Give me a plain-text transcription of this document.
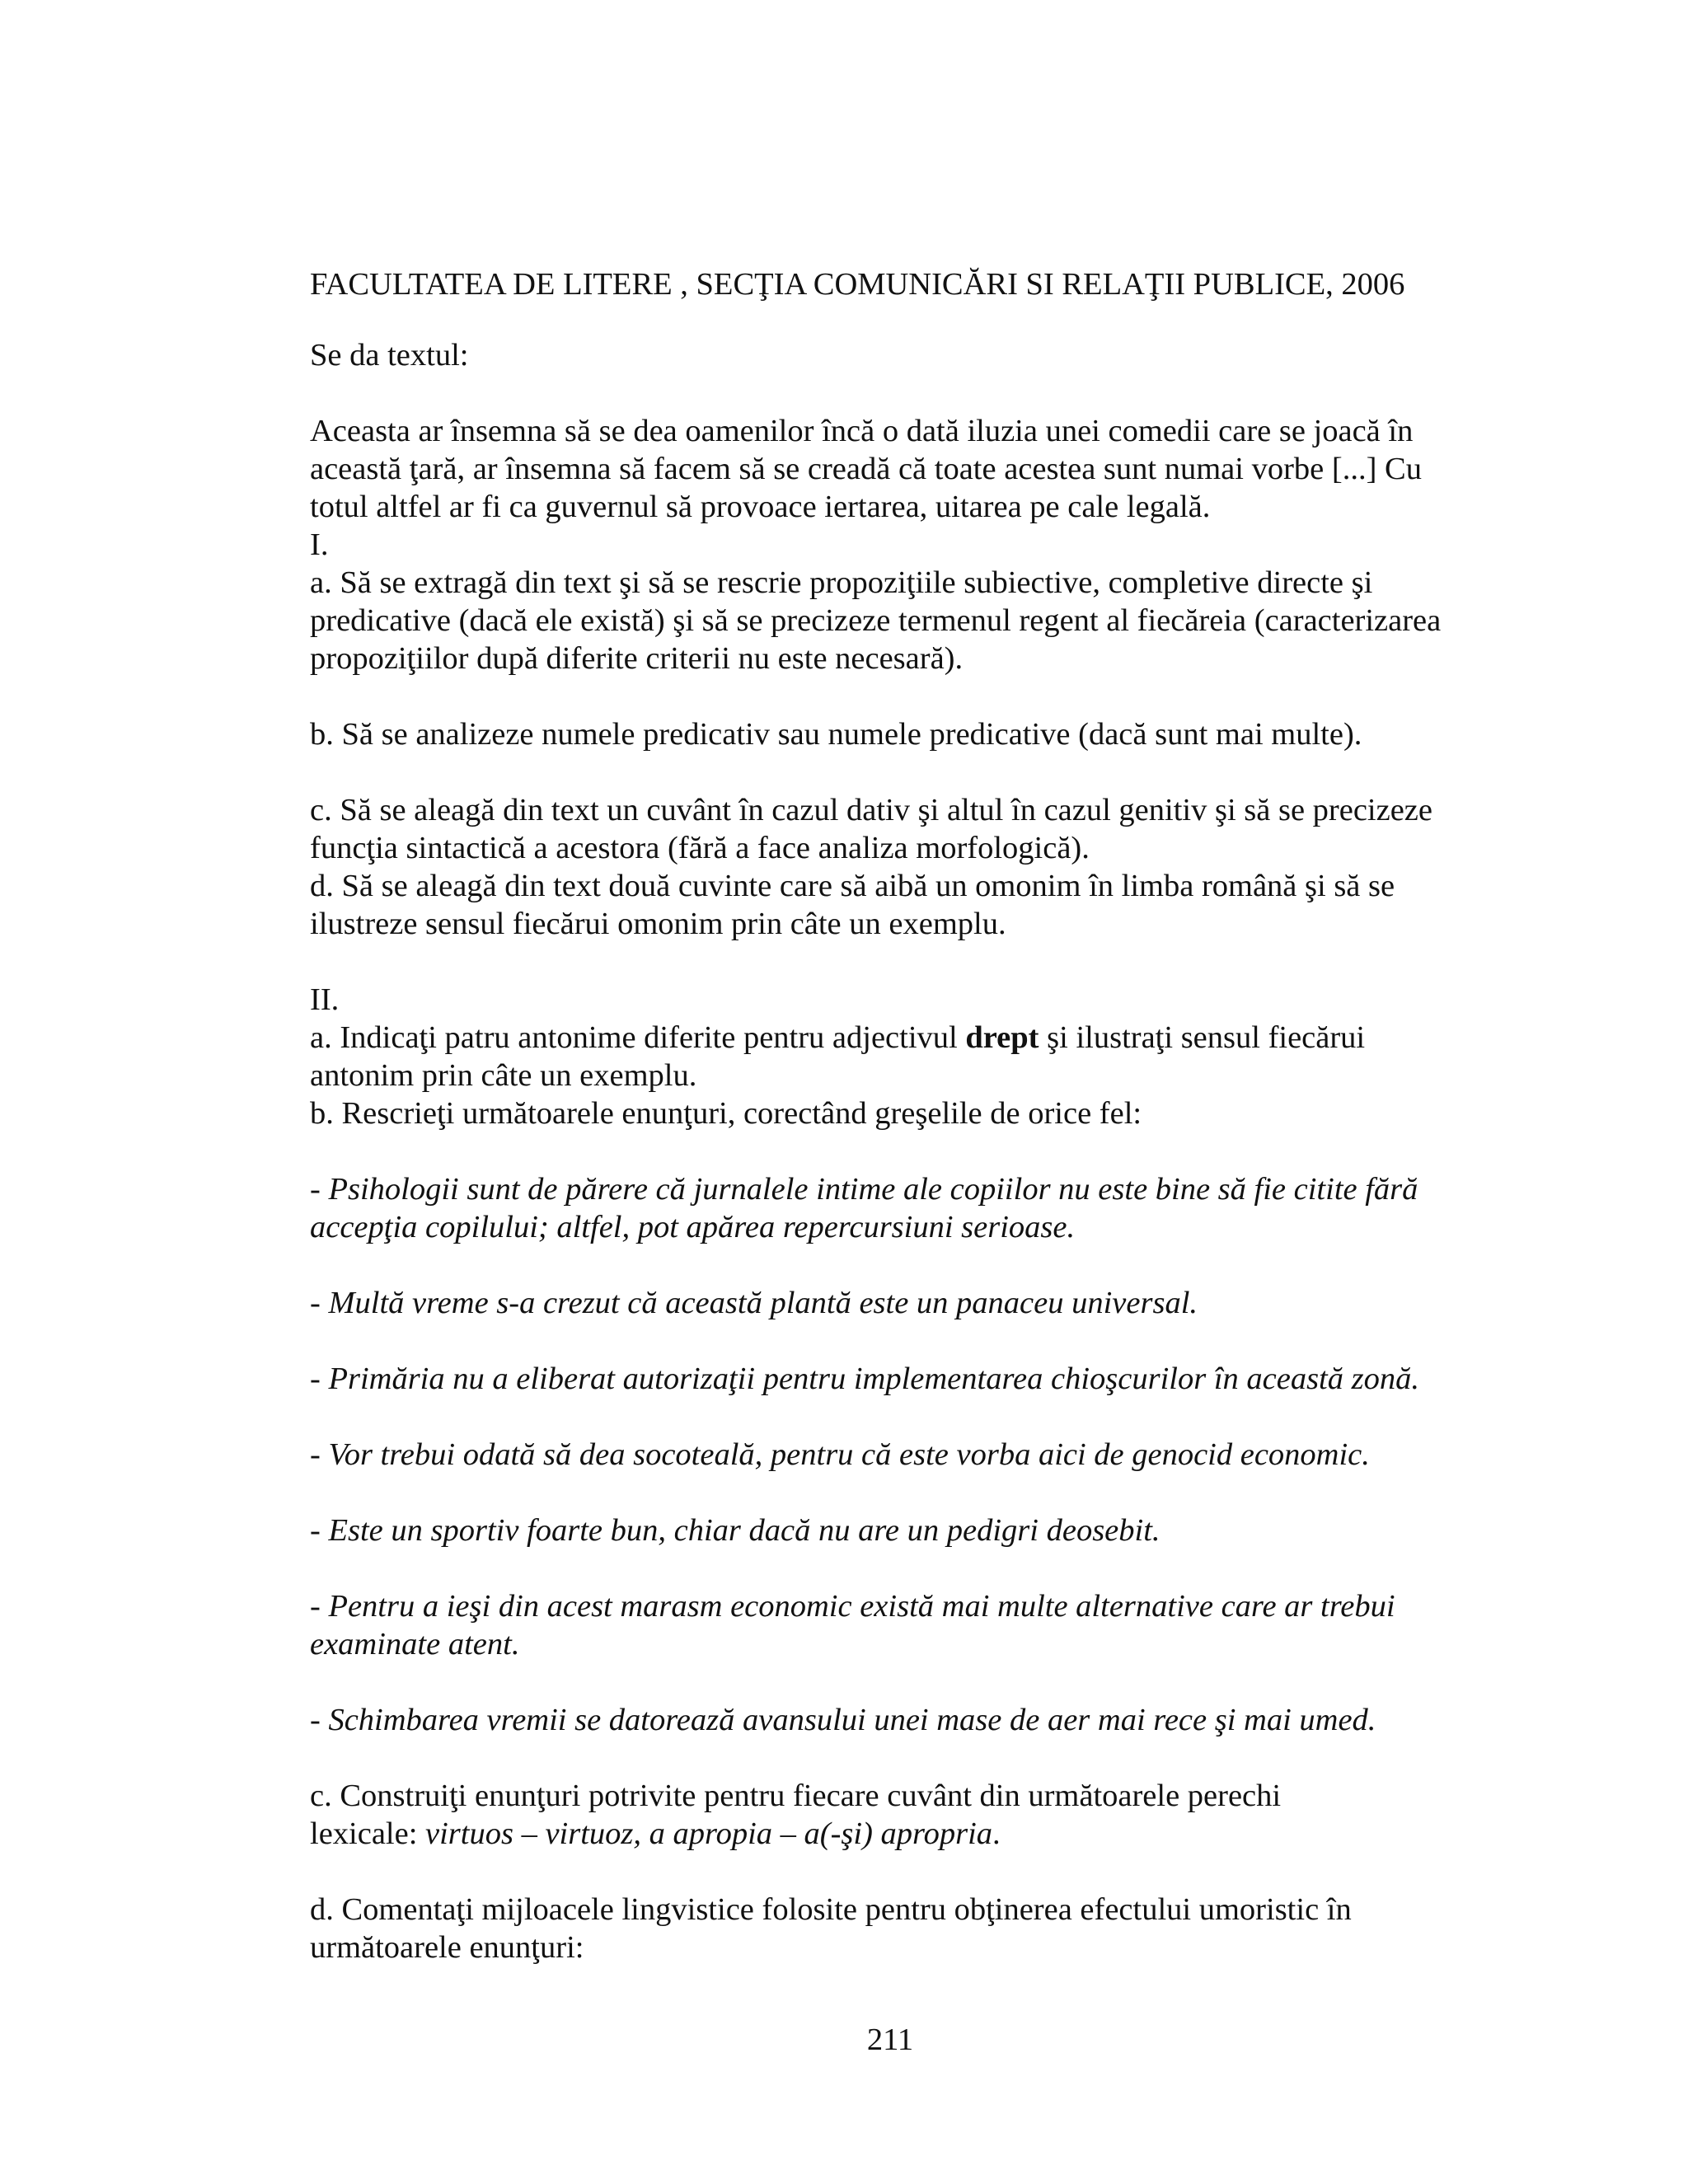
FACULTATEA DE LITERE , SECŢIA COMUNICĂRI SI RELAŢII PUBLICE, 2006
Se da textul:
Aceasta ar însemna să se dea oamenilor încă o dată iluzia unei comedii care se joacă în
această ţară, ar însemna să facem să se creadă că toate acestea sunt numai vorbe [...] Cu
totul altfel ar fi ca guvernul să provoace iertarea, uitarea pe cale legală.
I.
a. Să se extragă din text şi să se rescrie propoziţiile subiective, completive directe şi
predicative (dacă ele există) şi să se precizeze termenul regent al fiecăreia (caracterizarea
propoziţiilor după diferite criterii nu este necesară).
b. Să se analizeze numele predicativ sau numele predicative (dacă sunt mai multe).
c. Să se aleagă din text un cuvânt în cazul dativ şi altul în cazul genitiv şi să se precizeze
funcţia sintactică a acestora (fără a face analiza morfologică).
d. Să se aleagă din text două cuvinte care să aibă un omonim în limba română şi să se
ilustreze sensul fiecărui omonim prin câte un exemplu.
II.
a. Indicaţi patru antonime diferite pentru adjectivul drept şi ilustraţi sensul fiecărui
antonim prin câte un exemplu.
b. Rescrieţi următoarele enunţuri, corectând greşelile de orice fel:
- Psihologii sunt de părere că jurnalele intime ale copiilor nu este bine să fie citite fără
accepţia copilului; altfel, pot apărea repercursiuni serioase.
- Multă vreme s-a crezut că această plantă este un panaceu universal.
- Primăria nu a eliberat autorizaţii pentru implementarea chioşcurilor în această zonă.
- Vor trebui odată să dea socoteală, pentru că este vorba aici de genocid economic.
- Este un sportiv foarte bun, chiar dacă nu are un pedigri deosebit.
- Pentru a ieşi din acest marasm economic există mai multe alternative care ar trebui
examinate atent.
- Schimbarea vremii se datorează avansului unei mase de aer mai rece şi mai umed.
c. Construiţi enunţuri potrivite pentru fiecare cuvânt din următoarele perechi
lexicale: virtuos – virtuoz, a apropia – a(-şi) apropria.
d. Comentaţi mijloacele lingvistice folosite pentru obţinerea efectului umoristic în
următoarele enunţuri:
211
